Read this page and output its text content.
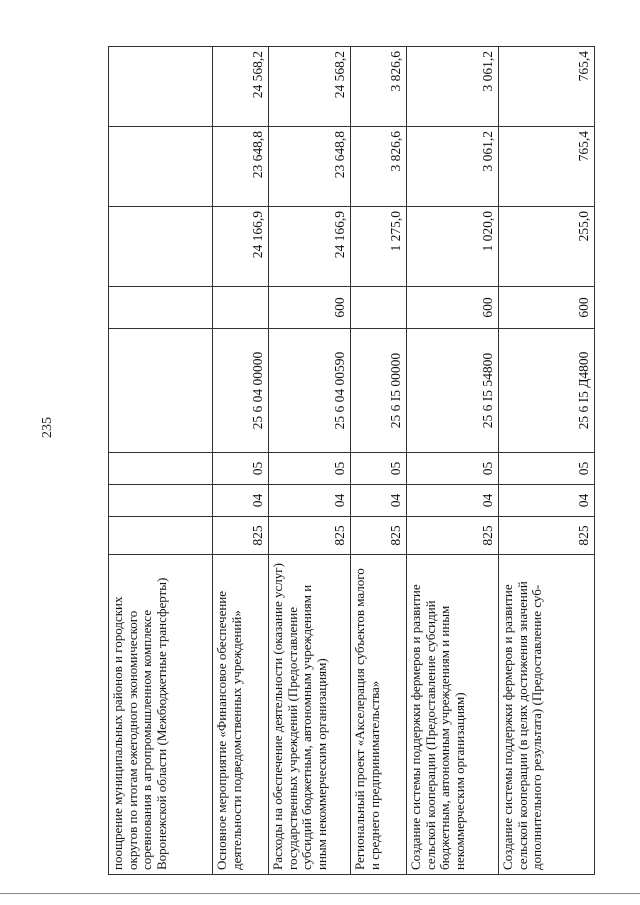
235
поощрение муниципальных районов и городских округов по итогам ежегодного экономического соревнования в агропромышленном комплексе Воронежской области (Межбюджетные трансферты)								
Основное мероприятие «Финансовое обеспечение деятельности подведомственных учреждений»	825	04	05	25 6 04 00000		24 166,9	23 648,8	24 568,2
Расходы на обеспечение деятельности (оказание услуг) государственных учреждений (Предоставление субсидий бюджетным, автономным учреждениям и иным некоммерческим организациям)	825	04	05	25 6 04 00590	600	24 166,9	23 648,8	24 568,2
Региональный проект «Акселерация субъектов малого и среднего предпринимательства»	825	04	05	25 6 I5 00000		1 275,0	3 826,6	3 826,6
Создание системы поддержки фермеров и развитие сельской кооперации (Предоставление субсидий бюджетным, автономным учреждениям и иным некоммерческим организациям)	825	04	05	25 6 I5 54800	600	1 020,0	3 061,2	3 061,2
Создание системы поддержки фермеров и развитие сельской кооперации (в целях достижения значений дополнительного результата) (Предоставление суб-	825	04	05	25 6 I5 Д4800	600	255,0	765,4	765,4
